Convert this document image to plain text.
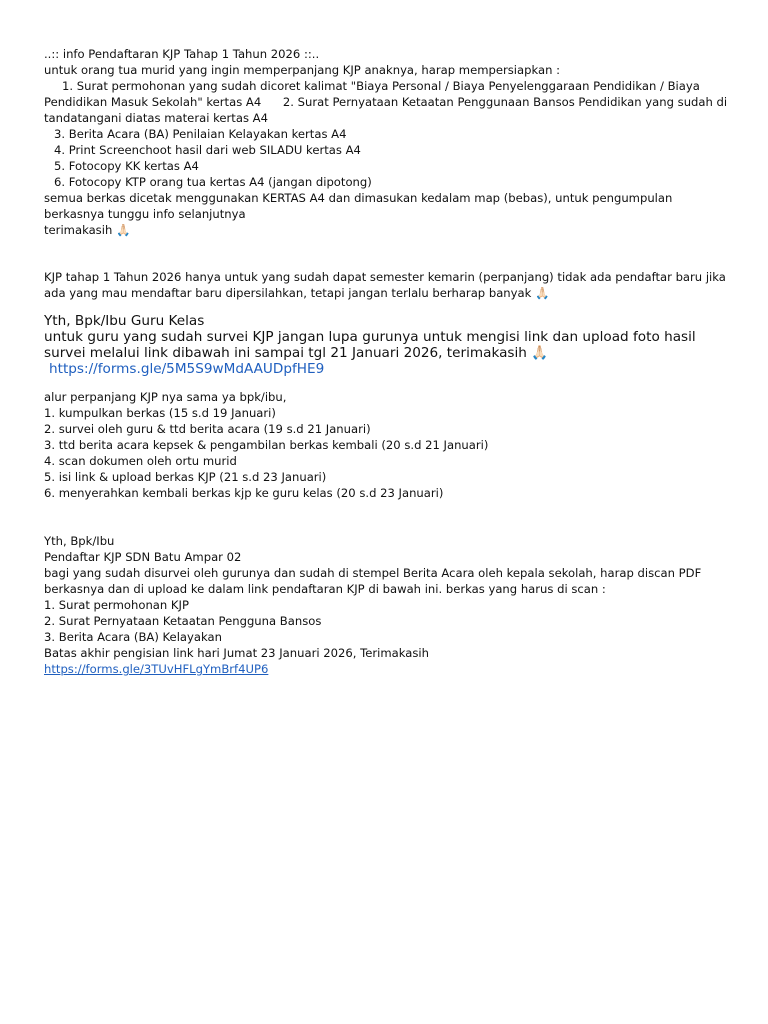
..:: info Pendaftaran KJP Tahap 1 Tahun 2026 ::..
untuk orang tua murid yang ingin memperpanjang KJP anaknya, harap mempersiapkan :
1. Surat permohonan yang sudah dicoret kalimat "Biaya Personal / Biaya Penyelenggaraan Pendidikan / Biaya Pendidikan Masuk Sekolah" kertas A4 2. Surat Pernyataan Ketaatan Penggunaan Bansos Pendidikan yang sudah di tandatangani diatas materai kertas A4
3. Berita Acara (BA) Penilaian Kelayakan kertas A4
4. Print Screenchoot hasil dari web SILADU kertas A4
5. Fotocopy KK kertas A4
6. Fotocopy KTP orang tua kertas A4 (jangan dipotong)
semua berkas dicetak menggunakan KERTAS A4 dan dimasukan kedalam map (bebas), untuk pengumpulan berkasnya tunggu info selanjutnya
terimakasih 🙏🏻
KJP tahap 1 Tahun 2026 hanya untuk yang sudah dapat semester kemarin (perpanjang) tidak ada pendaftar baru jika ada yang mau mendaftar baru dipersilahkan, tetapi jangan terlalu berharap banyak 🙏🏻
Yth, Bpk/Ibu Guru Kelas
untuk guru yang sudah survei KJP jangan lupa gurunya untuk mengisi link dan upload foto hasil survei melalui link dibawah ini sampai tgl 21 Januari 2026, terimakasih 🙏🏻
https://forms.gle/5M5S9wMdAAUDpfHE9
alur perpanjang KJP nya sama ya bpk/ibu,
1. kumpulkan berkas (15 s.d 19 Januari)
2. survei oleh guru & ttd berita acara (19 s.d 21 Januari)
3. ttd berita acara kepsek & pengambilan berkas kembali (20 s.d 21 Januari)
4. scan dokumen oleh ortu murid
5. isi link & upload berkas KJP (21 s.d 23 Januari)
6. menyerahkan kembali berkas kjp ke guru kelas (20 s.d 23 Januari)
Yth, Bpk/Ibu
Pendaftar KJP SDN Batu Ampar 02
bagi yang sudah disurvei oleh gurunya dan sudah di stempel Berita Acara oleh kepala sekolah, harap discan PDF berkasnya dan di upload ke dalam link pendaftaran KJP di bawah ini. berkas yang harus di scan :
1. Surat permohonan KJP
2. Surat Pernyataan Ketaatan Pengguna Bansos
3. Berita Acara (BA) Kelayakan
Batas akhir pengisian link hari Jumat 23 Januari 2026, Terimakasih
https://forms.gle/3TUvHFLgYmBrf4UP6
